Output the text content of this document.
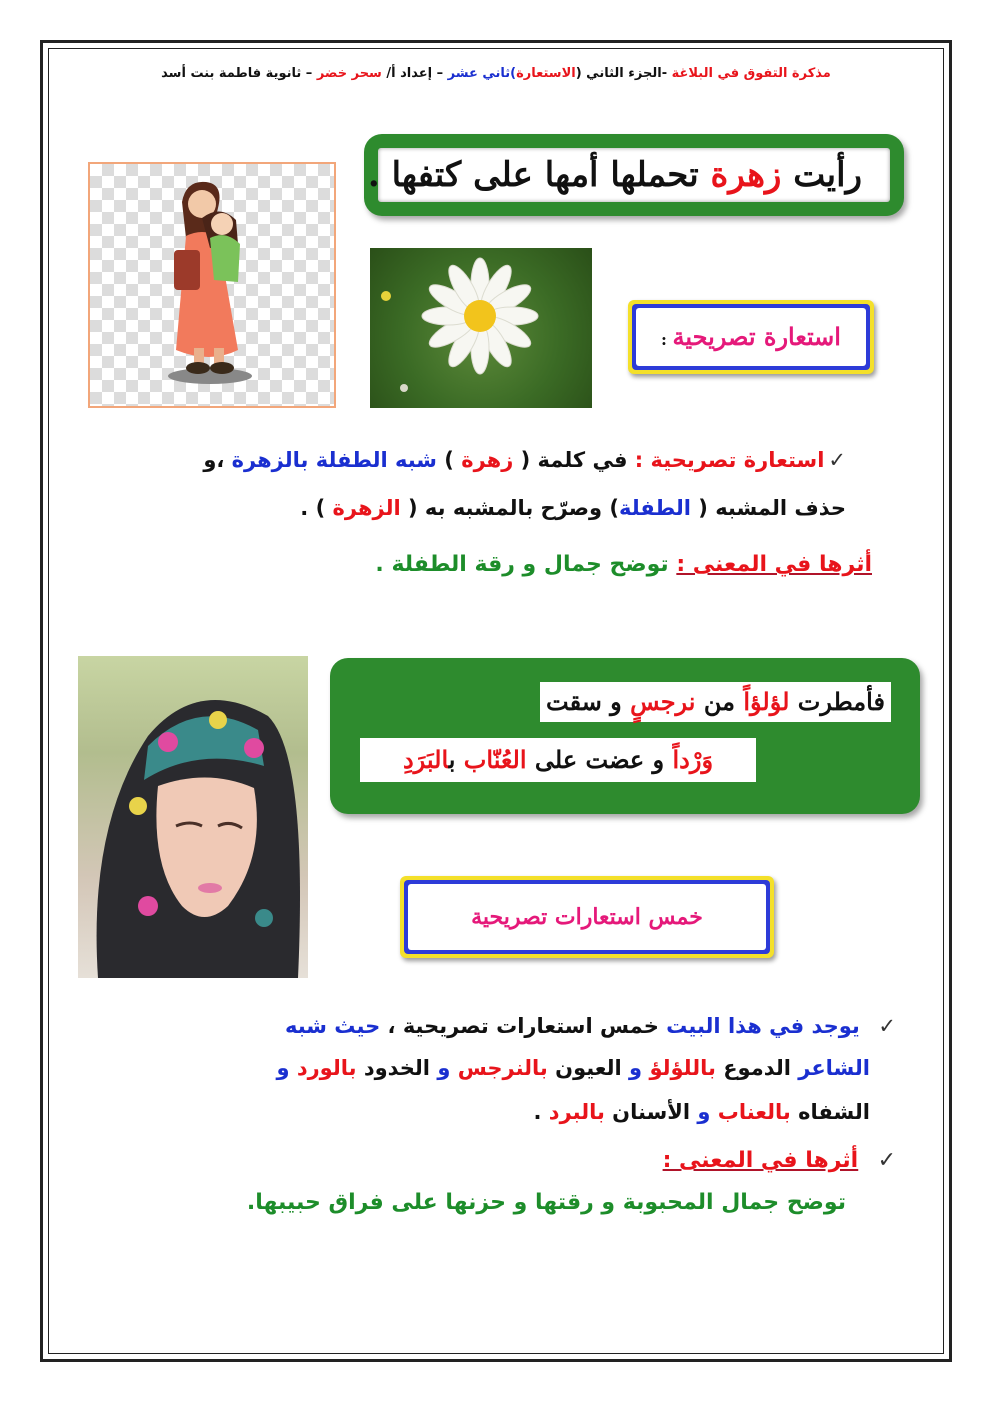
مذكرة التفوق في البلاغة -الجزء الثاني (الاستعارة)ثاني عشر – إعداد أ/ سحر خضر – ثانوية فاطمة بنت أسد
رأيت زهرة تحملها أمها على كتفها .
استعارة تصريحية :
✓استعارة تصريحية : في كلمة ( زهرة ) شبه الطفلة بالزهرة ،و
حذف المشبه ( الطفلة) وصرّح بالمشبه به ( الزهرة ) .
أثرها في المعنى : توضح جمال و رقة الطفلة .
فأمطرت لؤلؤاً من نرجسٍ و سقت
وَرْداً و عضت على العُنّاب بالبَرَدِ
خمس استعارات تصريحية
✓  يوجد في هذا البيت خمس استعارات تصريحية ، حيث شبه
الشاعر الدموع باللؤلؤ و العيون بالنرجس و الخدود بالورد و
الشفاه بالعناب و الأسنان بالبرد .
✓  أثرها في المعنى :
توضح جمال المحبوبة و رقتها و حزنها على فراق حبيبها.
